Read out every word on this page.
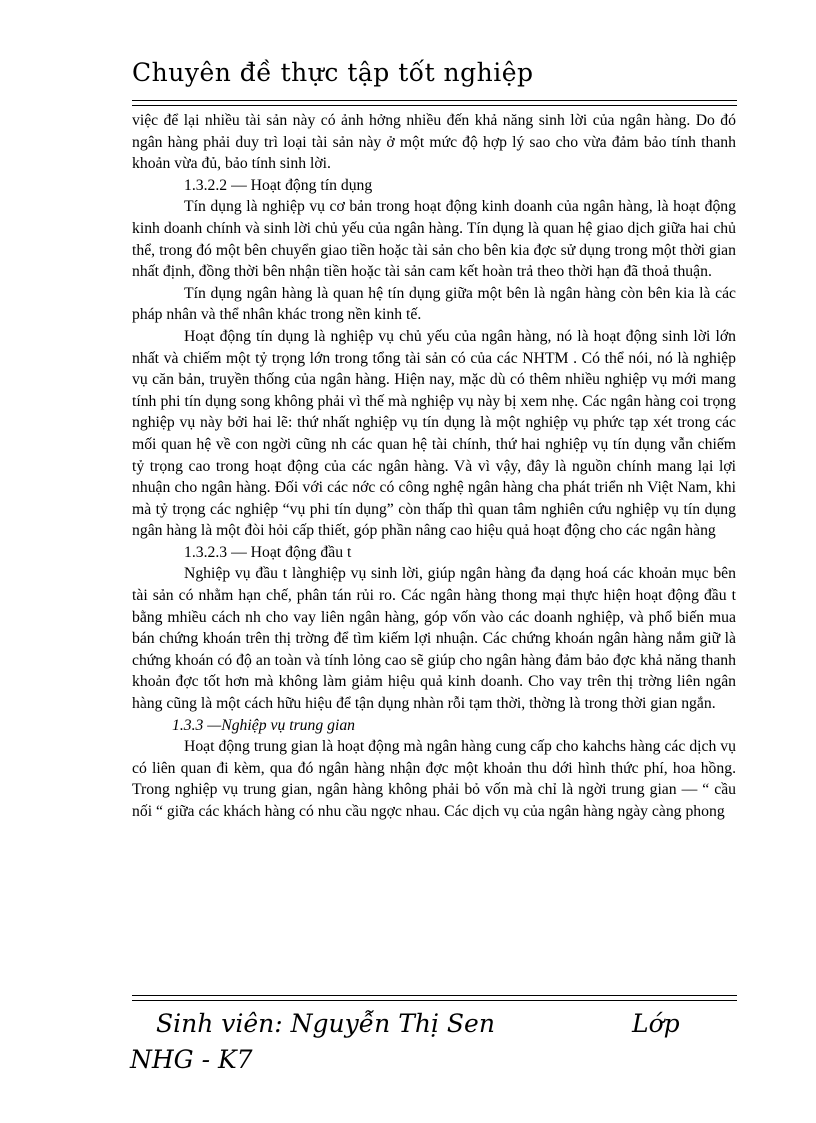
Chuyên đề thực tập tốt nghiệp

việc để lại nhiều tài sản này có ảnh hởng nhiều đến khả năng sinh lời của ngân hàng. Do đó ngân hàng phải duy trì loại tài sản này ở một mức độ hợp lý sao cho vừa đảm bảo tính thanh khoản vừa đủ, bảo tính sinh lời.

1.3.2.2 — Hoạt động tín dụng

Tín dụng là nghiệp vụ cơ bản trong hoạt động kinh doanh của ngân hàng, là hoạt động kinh doanh chính và sinh lời chủ yếu của ngân hàng. Tín dụng là quan hệ giao dịch giữa hai chủ thể, trong đó một bên chuyển giao tiền hoặc tài sản cho bên kia đợc sử dụng trong một thời gian nhất định, đồng thời bên nhận tiền hoặc tài sản cam kết hoàn trả theo thời hạn đã thoả thuận.

Tín dụng ngân hàng là quan hệ tín dụng giữa một bên là ngân hàng còn bên kia là các pháp nhân và thể nhân khác trong nền kinh tế.

Hoạt động tín dụng là nghiệp vụ chủ yếu của ngân hàng, nó là hoạt động sinh lời lớn nhất và chiếm một tỷ trọng lớn trong tổng tài sản có của các NHTM . Có thể nói, nó là nghiệp vụ căn bản, truyền thống của ngân hàng. Hiện nay, mặc dù có thêm nhiều nghiệp vụ mới mang tính phi tín dụng song không phải vì thế mà nghiệp vụ này bị xem nhẹ. Các ngân hàng coi trọng nghiệp vụ này bởi hai lẽ: thứ nhất nghiệp vụ tín dụng là một nghiệp vụ phức tạp xét trong các mối quan hệ về con ngời cũng nh các quan hệ tài chính, thứ hai nghiệp vụ tín dụng vẫn chiếm tỷ trọng cao trong hoạt động của các ngân hàng. Và vì vậy, đây là nguồn chính mang lại lợi nhuận cho ngân hàng. Đối với các nớc có công nghệ ngân hàng cha phát triển nh Việt Nam, khi mà tỷ trọng các nghiệp “vụ phi tín dụng” còn thấp thì quan tâm nghiên cứu nghiệp vụ tín dụng ngân hàng là một đòi hỏi cấp thiết, góp phần nâng cao hiệu quả hoạt động cho các ngân hàng

1.3.2.3 — Hoạt động đầu t

Nghiệp vụ đầu t lànghiệp vụ sinh lời, giúp ngân hàng đa dạng hoá các khoản mục bên tài sản có nhằm hạn chế, phân tán rủi ro. Các ngân hàng thong mại thực hiện hoạt động đầu t bằng mhiều cách nh cho vay liên ngân hàng, góp vốn vào các doanh nghiệp, và phổ biến mua bán chứng khoán trên thị trờng để tìm kiếm lợi nhuận. Các chứng khoán ngân hàng nắm giữ là chứng khoán có độ an toàn và tính lỏng cao sẽ giúp cho ngân hàng đảm bảo đợc khả năng thanh khoản đợc tốt hơn mà không làm giảm hiệu quả kinh doanh. Cho vay trên thị trờng liên ngân hàng cũng là một cách hữu hiệu để tận dụng nhàn rỗi tạm thời, thờng là trong thời gian ngắn.

1.3.3 —Nghiệp vụ trung gian

Hoạt động trung gian là hoạt động mà ngân hàng cung cấp cho kahchs hàng các dịch vụ có liên quan đi kèm, qua đó ngân hàng nhận đợc một khoản thu dới hình thức phí, hoa hồng. Trong nghiệp vụ trung gian, ngân hàng không phải bỏ vốn mà chỉ là ngời trung gian — “ cầu nối “ giữa các khách hàng có nhu cầu ngợc nhau. Các dịch vụ của ngân hàng ngày càng phong

Sinh viên: Nguyễn Thị Sen	Lớp
NHG - K7
